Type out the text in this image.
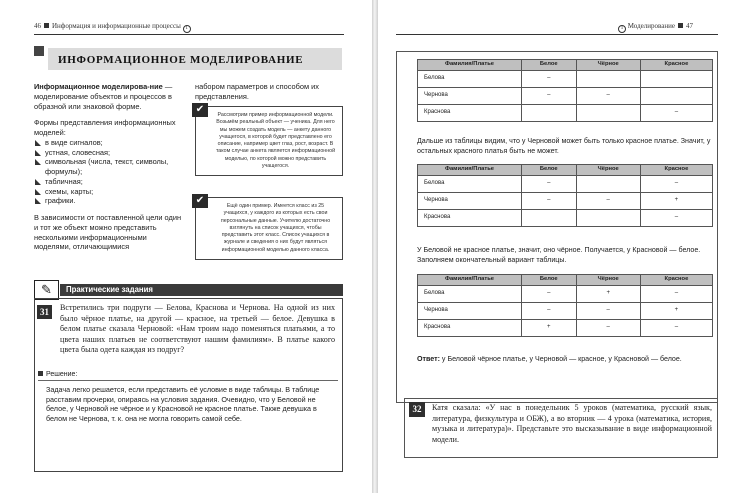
46 Информация и информационные процессы 1
ИНФОРМАЦИОННОЕ МОДЕЛИРОВАНИЕ

Информационное моделирова-ние — моделирование объектов и процессов в образной или знаковой форме.

Формы представления информационных моделей:

в виде сигналов;
устная, словесная;
символьная (числа, текст, символы, формулы);
табличная;
схемы, карты;
графики.

В зависимости от поставленной цели один и тот же объект можно представить несколькими информационными моделями, отличающимися

набором параметров и способом их представления.
✔	Рассмотрим пример информационной модели. Возьмём реальный объект — ученика. Для него мы можем создать модель — анкету данного учащегося, в которой будет представлено его описание, например цвет глаз, рост, возраст. В таком случае анкета является информационной моделью, по которой можно представить учащегося.
✔	Ещё один пример. Имеется класс из 25 учащихся, у каждого из которых есть свои персональные данные. Учителю достаточно взглянуть на список учащихся, чтобы представить этот класс. Список учащихся в журнале и сведения о них будут являться информационной моделью данного класса.
✎	Практические задания
31	Встретились три подруги — Белова, Краснова и Чернова. На одной из них было чёрное платье, на другой — красное, на третьей — белое. Девушка в белом платье сказала Черновой: «Нам троим надо поменяться платьями, а то цвета наших платьев не соответствуют нашим фамилиям». В платье какого цвета была одета каждая из подруг?
Решение:
Задача легко решается, если представить её условие в виде таблицы. В таблице расставим прочерки, опираясь на условия задания. Очевидно, что у Беловой не белое, у Черновой не чёрное и у Красновой не красное платье. Также девушка в белом не Чернова, т. к. она не могла говорить самой себе.
1 Моделирование 47
Фамилия/Платье	Белое	Чёрное	Красное
Белова	–		
Чернова	–	–	
Краснова			–
Дальше из таблицы видим, что у Черновой может быть только красное платье. Значит, у остальных красного платья быть не может.
Фамилия/Платье	Белое	Чёрное	Красное
Белова	–		–
Чернова	–	–	+
Краснова			–
У Беловой не красное платье, значит, оно чёрное. Получается, у Красновой — белое. Заполняем окончательный вариант таблицы.
Фамилия/Платье	Белое	Чёрное	Красное
Белова	–	+	–
Чернова	–	–	+
Краснова	+	–	–
Ответ: у Беловой чёрное платье, у Черновой — красное, у Красновой — белое.
32	Катя сказала: «У нас в понедельник 5 уроков (математика, русский язык, литература, физкультура и ОБЖ), а во вторник — 4 урока (математика, история, музыка и литература)». Представьте это высказывание в виде информационной модели.
